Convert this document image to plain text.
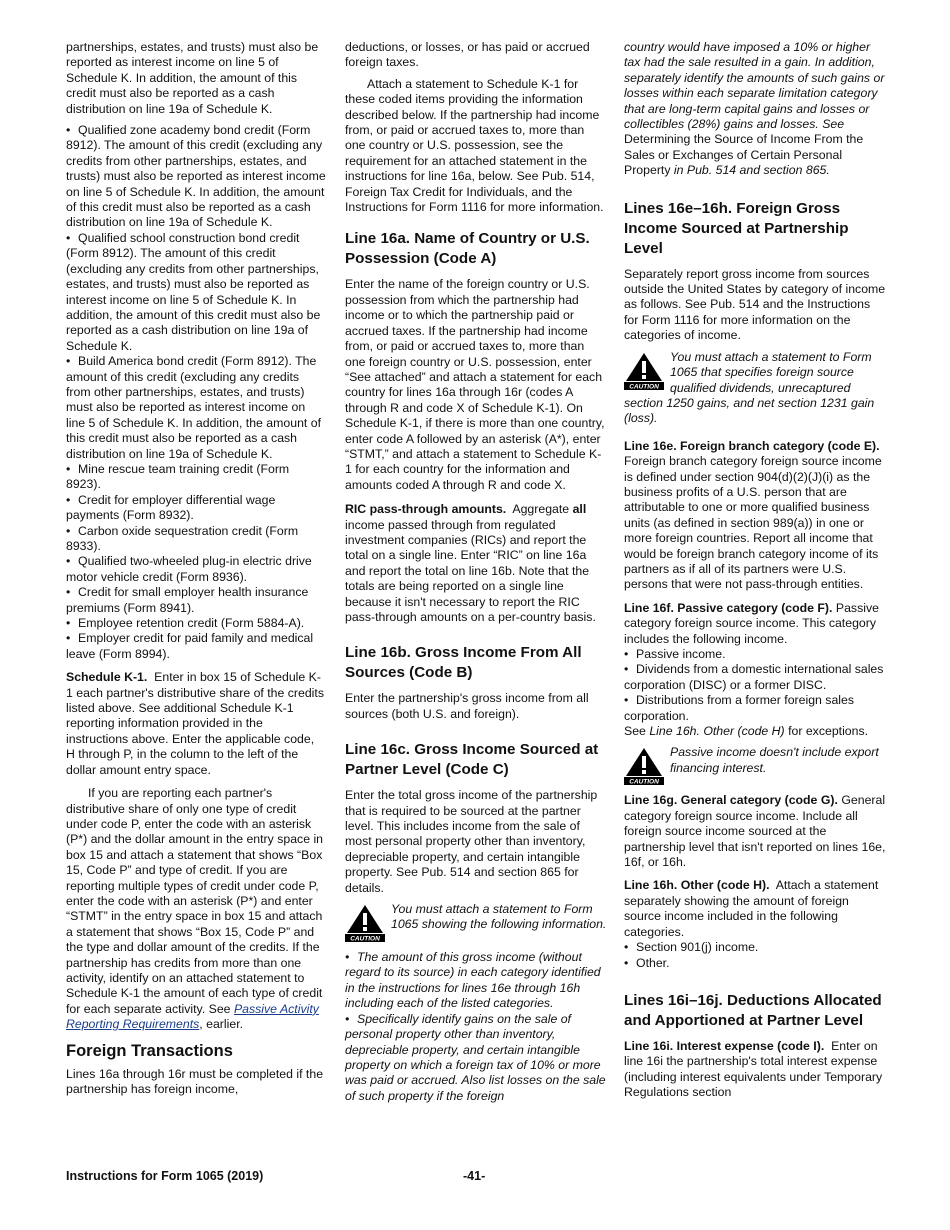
partnerships, estates, and trusts) must also be reported as interest income on line 5 of Schedule K. In addition, the amount of this credit must also be reported as a cash distribution on line 19a of Schedule K.

• Qualified zone academy bond credit (Form 8912). The amount of this credit (excluding any credits from other partnerships, estates, and trusts) must also be reported as interest income on line 5 of Schedule K. In addition, the amount of this credit must also be reported as a cash distribution on line 19a of Schedule K.

• Qualified school construction bond credit (Form 8912). The amount of this credit (excluding any credits from other partnerships, estates, and trusts) must also be reported as interest income on line 5 of Schedule K. In addition, the amount of this credit must also be reported as a cash distribution on line 19a of Schedule K.

• Build America bond credit (Form 8912). The amount of this credit (excluding any credits from other partnerships, estates, and trusts) must also be reported as interest income on line 5 of Schedule K. In addition, the amount of this credit must also be reported as a cash distribution on line 19a of Schedule K.

• Mine rescue team training credit (Form 8923).

• Credit for employer differential wage payments (Form 8932).

• Carbon oxide sequestration credit (Form 8933).

• Qualified two-wheeled plug-in electric drive motor vehicle credit (Form 8936).

• Credit for small employer health insurance premiums (Form 8941).

• Employee retention credit (Form 5884-A).

• Employer credit for paid family and medical leave (Form 8994).

Schedule K-1. Enter in box 15 of Schedule K-1 each partner's distributive share of the credits listed above. See additional Schedule K-1 reporting information provided in the instructions above. Enter the applicable code, H through P, in the column to the left of the dollar amount entry space.

If you are reporting each partner's distributive share of only one type of credit under code P, enter the code with an asterisk (P*) and the dollar amount in the entry space in box 15 and attach a statement that shows “Box 15, Code P” and type of credit. If you are reporting multiple types of credit under code P, enter the code with an asterisk (P*) and enter “STMT” in the entry space in box 15 and attach a statement that shows “Box 15, Code P” and the type and dollar amount of the credits. If the partnership has credits from more than one activity, identify on an attached statement to Schedule K-1 the amount of each type of credit for each separate activity. See Passive Activity Reporting Requirements, earlier.

Foreign Transactions

Lines 16a through 16r must be completed if the partnership has foreign income,

deductions, or losses, or has paid or accrued foreign taxes.

Attach a statement to Schedule K-1 for these coded items providing the information described below. If the partnership had income from, or paid or accrued taxes to, more than one country or U.S. possession, see the requirement for an attached statement in the instructions for line 16a, below. See Pub. 514, Foreign Tax Credit for Individuals, and the Instructions for Form 1116 for more information.

Line 16a. Name of Country or U.S. Possession (Code A)

Enter the name of the foreign country or U.S. possession from which the partnership had income or to which the partnership paid or accrued taxes. If the partnership had income from, or paid or accrued taxes to, more than one foreign country or U.S. possession, enter “See attached” and attach a statement for each country for lines 16a through 16r (codes A through R and code X of Schedule K-1). On Schedule K-1, if there is more than one country, enter code A followed by an asterisk (A*), enter “STMT,” and attach a statement to Schedule K-1 for each country for the information and amounts coded A through R and code X.

RIC pass-through amounts. Aggregate all income passed through from regulated investment companies (RICs) and report the total on a single line. Enter “RIC” on line 16a and report the total on line 16b. Note that the totals are being reported on a single line because it isn't necessary to report the RIC pass-through amounts on a per-country basis.

Line 16b. Gross Income From All Sources (Code B)

Enter the partnership's gross income from all sources (both U.S. and foreign).

Line 16c. Gross Income Sourced at Partner Level (Code C)

Enter the total gross income of the partnership that is required to be sourced at the partner level. This includes income from the sale of most personal property other than inventory, depreciable property, and certain intangible property. See Pub. 514 and section 865 for details.

CAUTION
You must attach a statement to Form 1065 showing the following information.

• The amount of this gross income (without regard to its source) in each category identified in the instructions for lines 16e through 16h including each of the listed categories.

• Specifically identify gains on the sale of personal property other than inventory, depreciable property, and certain intangible property on which a foreign tax of 10% or more was paid or accrued. Also list losses on the sale of such property if the foreign

country would have imposed a 10% or higher tax had the sale resulted in a gain. In addition, separately identify the amounts of such gains or losses within each separate limitation category that are long-term capital gains and losses or collectibles (28%) gains and losses. See Determining the Source of Income From the Sales or Exchanges of Certain Personal Property in Pub. 514 and section 865.

Lines 16e–16h. Foreign Gross Income Sourced at Partnership Level

Separately report gross income from sources outside the United States by category of income as follows. See Pub. 514 and the Instructions for Form 1116 for more information on the categories of income.

CAUTION
You must attach a statement to Form 1065 that specifies foreign source qualified dividends, unrecaptured section 1250 gains, and net section 1231 gain (loss).

Line 16e. Foreign branch category (code E).  Foreign branch category foreign source income is defined under section 904(d)(2)(J)(i) as the business profits of a U.S. person that are attributable to one or more qualified business units (as defined in section 989(a)) in one or more foreign countries. Report all income that would be foreign branch category income of its partners as if all of its partners were U.S. persons that were not pass-through entities.

Line 16f. Passive category (code F). Passive category foreign source income. This category includes the following income.

• Passive income.

• Dividends from a domestic international sales corporation (DISC) or a former DISC.

• Distributions from a former foreign sales corporation.

See Line 16h. Other (code H) for exceptions.

CAUTION
Passive income doesn't include export financing interest.

Line 16g. General category (code G). General category foreign source income. Include all foreign source income sourced at the partnership level that isn't reported on lines 16e, 16f, or 16h.

Line 16h. Other (code H). Attach a statement separately showing the amount of foreign source income included in the following categories.

• Section 901(j) income.

• Other.

Lines 16i–16j. Deductions Allocated and Apportioned at Partner Level

Line 16i. Interest expense (code I). Enter on line 16i the partnership's total interest expense (including interest equivalents under Temporary Regulations section

Instructions for Form 1065 (2019)	-41-
